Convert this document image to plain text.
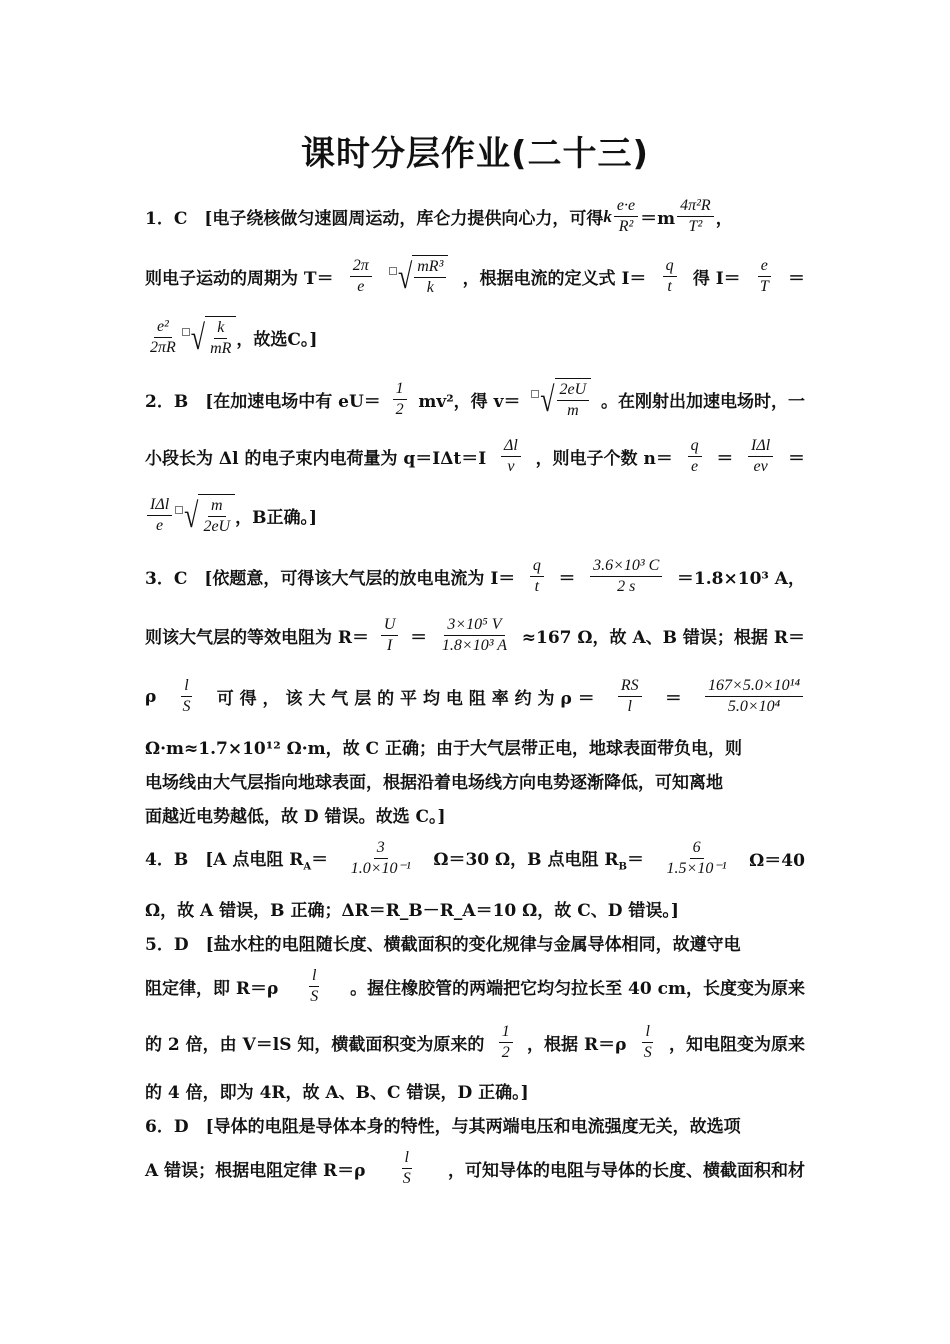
课时分层作业(二十三)
1．C　[电子绕核做匀速圆周运动，库仑力提供向心力，可得 k $\frac{e\cdot e}{\text{R²}} =m \frac{\text{4π²R}}{\text{T²}}$ ，
则电子运动的周期为 $T= \frac{2\pi}{e}$ √ $\frac{\text{mR³}}{k}$ ，根据电流的定义式 $I= \frac{q}{t}$ 得 $I= \frac{e}{T}$ ＝
$\frac{\text{e²}}{2\pi R}$ √ $\frac{k}{mR}$ ，故选C。]
2．B　[在加速电场中有 $eU= \frac{1}{2} mv^2$，得 v＝ √ $\frac{2eU}{m}$ 。在刚射出加速电场时，一
小段长为 Δl 的电子束内电荷量为 $q=I\Delta t=I \frac{\Delta l}{v}$ ，则电子个数 $n= \frac{q}{e} = \frac{\text{IΔl}}{ev}$ ＝
$\frac{\text{IΔl}}{e}$ √ $\frac{m}{2eU}$ ，B正确。]
3．C　[依题意，可得该大气层的放电电流为 $I= \frac{q}{t} = \frac{\text{3.6×10³ C}}{2 s} =1.8\times 10^3$ A，
则该大气层的等效电阻为 $R= \frac{U}{I} = \frac{\text{3×10⁵ V}}{\text{1.8×10³ A}} \approx 167$ Ω，故 A、B 错误；根据 R＝
ρ $\frac{l}{S}$ 可 得 ， 该 大 气 层 的 平 均 电 阻 率 约 为 $\rho = \frac{RS}{l} = \frac{\text{167×5.0×10¹⁴}}{\text{5.0×10⁴}}$
Ω·m≈1.7×10¹² Ω·m，故 C 正确；由于大气层带正电，地球表面带负电，则
电场线由大气层指向地球表面，根据沿着电场线方向电势逐渐降低，可知离地
面越近电势越低，故 D 错误。故选 C。]
4．B　[A 点电阻 $R_A= \frac{3}{\text{1.0×10⁻¹}} \Omega=30$ Ω，B 点电阻 $R_B= \frac{6}{\text{1.5×10⁻¹}} \Omega=40$
Ω，故 A 错误，B 正确；ΔR＝R_B－R_A＝10 Ω，故 C、D 错误。]
5．D　[盐水柱的电阻随长度、横截面积的变化规律与金属导体相同，故遵守电
阻定律，即 $R=\rho \frac{l}{S}$ 。握住橡胶管的两端把它均匀拉长至 40 cm，长度变为原来
的 2 倍，由 V＝lS 知，横截面积变为原来的 $\frac{1}{2}$ ，根据 $R=\rho \frac{l}{S}$ ，知电阻变为原来
的 4 倍，即为 4R，故 A、B、C 错误，D 正确。]
6．D　[导体的电阻是导体本身的特性，与其两端电压和电流强度无关，故选项
A 错误；根据电阻定律 $R=\rho \frac{l}{S}$ ，可知导体的电阻与导体的长度、横截面积和材
